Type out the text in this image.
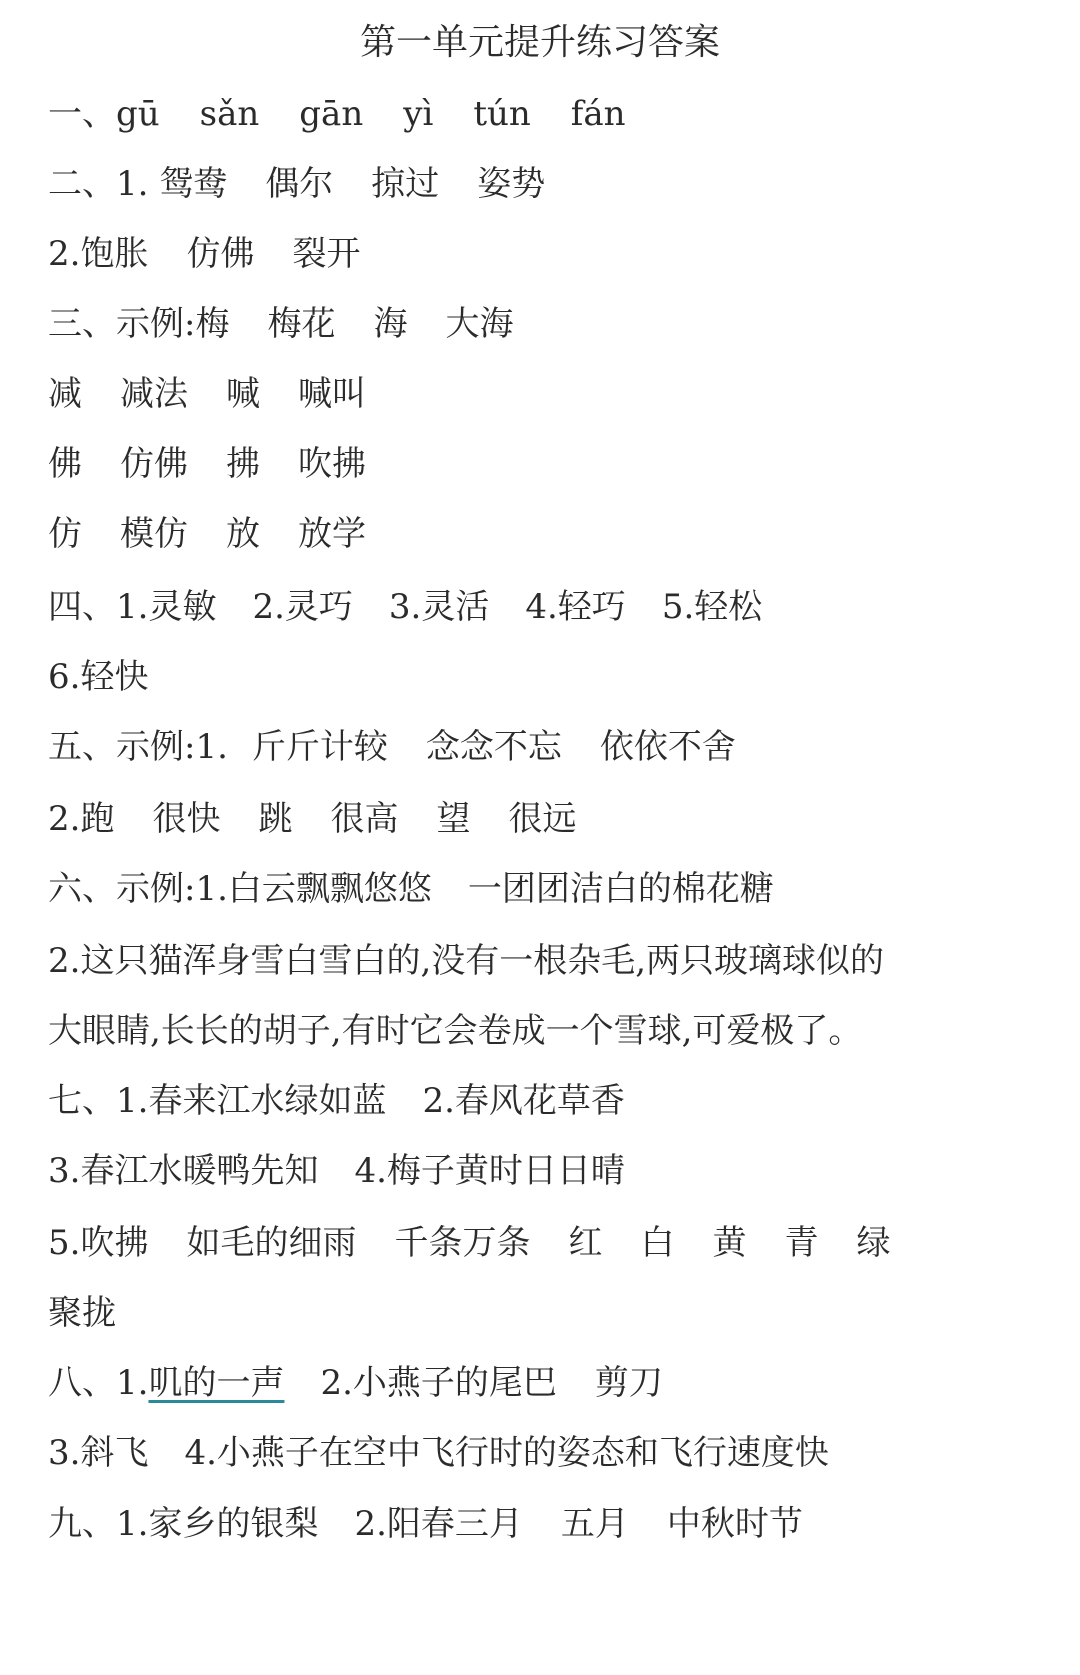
第一单元提升练习答案
一、gū sǎn gān yì tún fán
二、1. 鸳鸯 偶尔 掠过 姿势
2.饱胀 仿佛 裂开
三、示例:梅 梅花 海 大海
减 减法 喊 喊叫
佛 仿佛 拂 吹拂
仿 模仿 放 放学
四、1.灵敏 2.灵巧 3.灵活 4.轻巧 5.轻松
6.轻快
五、示例:1. 斤斤计较 念念不忘 依依不舍
2.跑 很快 跳 很高 望 很远
六、示例:1.白云飘飘悠悠 一团团洁白的棉花糖
2.这只猫浑身雪白雪白的,没有一根杂毛,两只玻璃球似的
大眼睛,长长的胡子,有时它会卷成一个雪球,可爱极了。
七、1.春来江水绿如蓝 2.春风花草香
3.春江水暖鸭先知 4.梅子黄时日日晴
5.吹拂 如毛的细雨 千条万条 红 白 黄 青 绿
聚拢
八、1.叽的一声 2.小燕子的尾巴 剪刀
3.斜飞 4.小燕子在空中飞行时的姿态和飞行速度快
九、1.家乡的银梨 2.阳春三月 五月 中秋时节
